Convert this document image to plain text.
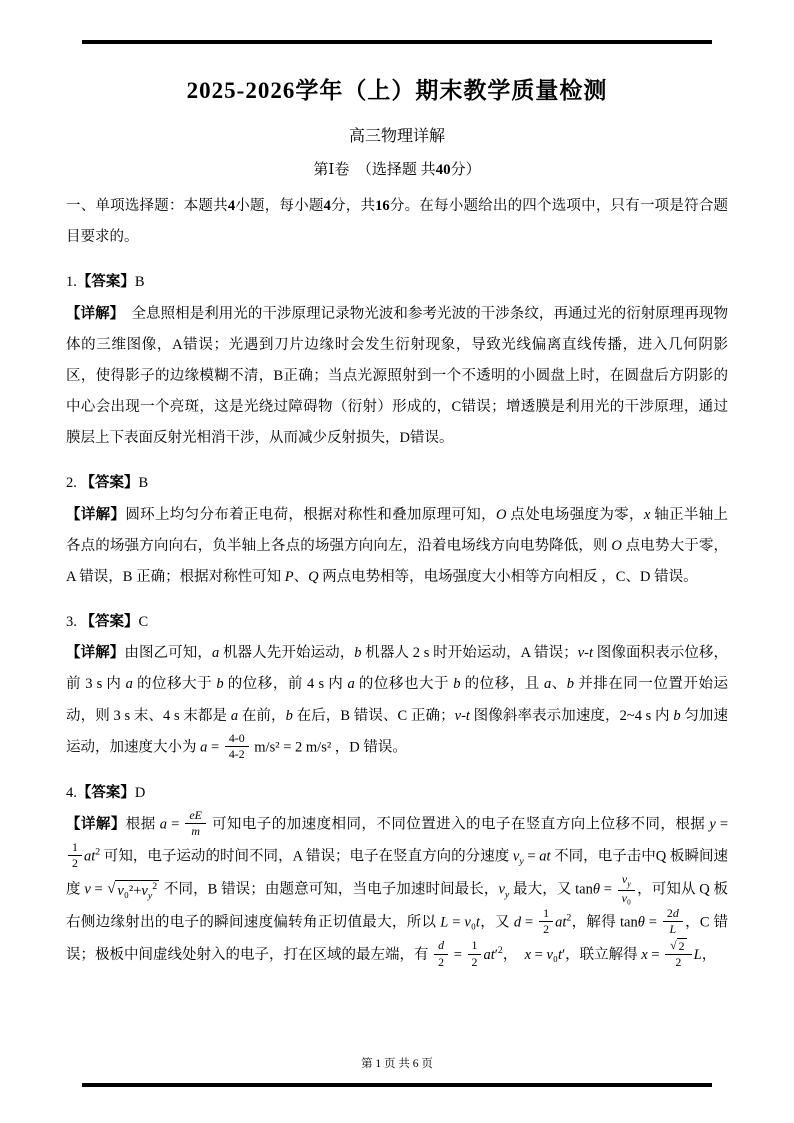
2025-2026学年（上）期末教学质量检测
高三物理详解
第Ⅰ卷　（选择题 共40分）

一、单项选择题：本题共4小题，每小题4分，共16分。在每小题给出的四个选项中，只有一项是符合题目要求的。

1.【答案】B

【详解】　全息照相是利用光的干涉原理记录物光波和参考光波的干涉条纹，再通过光的衍射原理再现物体的三维图像，A错误；光遇到刀片边缘时会发生衍射现象，导致光线偏离直线传播，进入几何阴影区，使得影子的边缘模糊不清，B正确；当点光源照射到一个不透明的小圆盘上时，在圆盘后方阴影的中心会出现一个亮斑，这是光绕过障碍物（衍射）形成的，C错误；增透膜是利用光的干涉原理，通过膜层上下表面反射光相消干涉，从而减少反射损失，D错误。

2. 【答案】B

【详解】圆环上均匀分布着正电荷，根据对称性和叠加原理可知，O 点处电场强度为零，x 轴正半轴上各点的场强方向向右，负半轴上各点的场强方向向左，沿着电场线方向电势降低，则 O 点电势大于零，A 错误，B 正确；根据对称性可知 P、Q 两点电势相等，电场强度大小相等方向相反 ，C、D 错误。

3. 【答案】C

【详解】由图乙可知，a 机器人先开始运动，b 机器人 2 s 时开始运动，A 错误；v-t 图像面积表示位移，前 3 s 内 a 的位移大于 b 的位移，前 4 s 内 a 的位移也大于 b 的位移，且 a、b 并排在同一位置开始运动，则 3 s 末、4 s 末都是 a 在前，b 在后，B 错误、C 正确；v-t 图像斜率表示加速度，2~4 s 内 b 匀加速运动，加速度大小为 $a = \frac{4-0}{4-2} m/s^2 = 2$ m/s² ，D 错误。

4.【答案】D

【详解】根据 $a = \frac{eE}{m}$ 可知电子的加速度相同，不同位置进入的电子在竖直方向上位移不同，根据 y =
$\frac{1}{2} at^2$ 可知，电子运动的时间不同，A 错误；电子在竖直方向的分速度 $v_y$ = at 不同，电子击中Q 板瞬间速度 v = √ $v_0^2+v_y^2$ 不同，B 错误；由题意可知，当电子加速时间最长，$v_y$ 最大，又 $\tan\theta = \frac{v_y}{\text{v₀}}$ ，可知从 Q 板右侧边缘射出的电子的瞬间速度偏转角正切值最大，所以 L = v₀t，又 $d = \frac{1}{2} at^2$，解得 $\tan\theta = \frac{2d}{L}$ ，C 错误；极板中间虚线处射入的电子，打在区域的最左端，有 $\frac{d}{2} = \frac{1}{2} at'^2$，　x = v₀t′，联立解得 $x = \frac{√ 2}{2}$ L，

第 1 页 共 6 页
